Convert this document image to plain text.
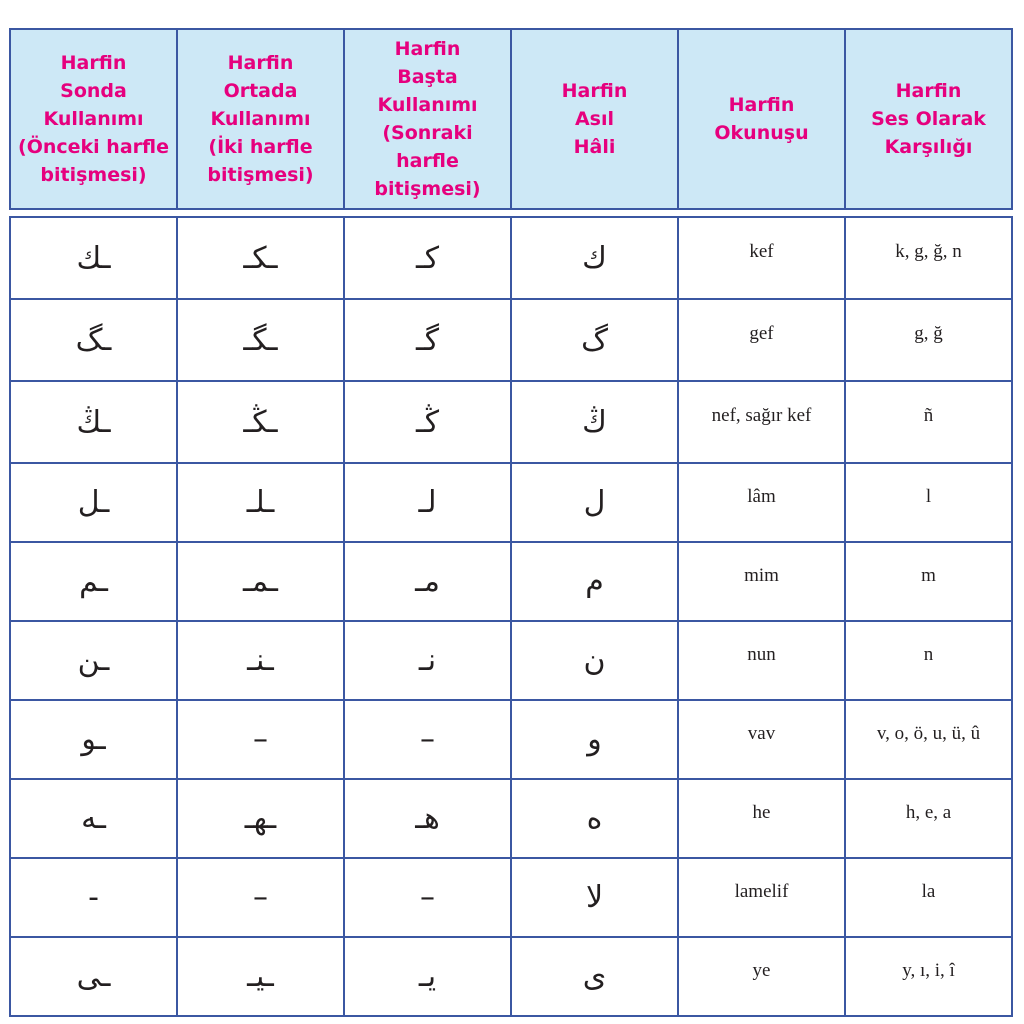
Harfin
Sonda
Kullanımı
(Önceki harfle
bitişmesi)	Harfin
Ortada
Kullanımı
(İki harfle
bitişmesi)	Harfin
Başta
Kullanımı
(Sonraki
harfle
bitişmesi)	Harfin
Asıl
Hâli	Harfin
Okunuşu	Harfin
Ses Olarak
Karşılığı
ـك	ـكـ	كـ	ك	kef	k, g, ğ, n
ـگ	ـگـ	گـ	گ	gef	g, ğ
ـڭ	ـڭـ	ڭـ	ڭ	nef, sağır kef	ñ
ـل	ـلـ	لـ	ل	lâm	l
ـم	ـمـ	مـ	م	mim	m
ـن	ـنـ	نـ	ن	nun	n
ـو	–	–	و	vav	v, o, ö, u, ü, û
ـه	ـهـ	هـ	ه	he	h, e, a
-	–	–	لا	lamelif	la
ـى	ـيـ	يـ	ى	ye	y, ı, i, î
